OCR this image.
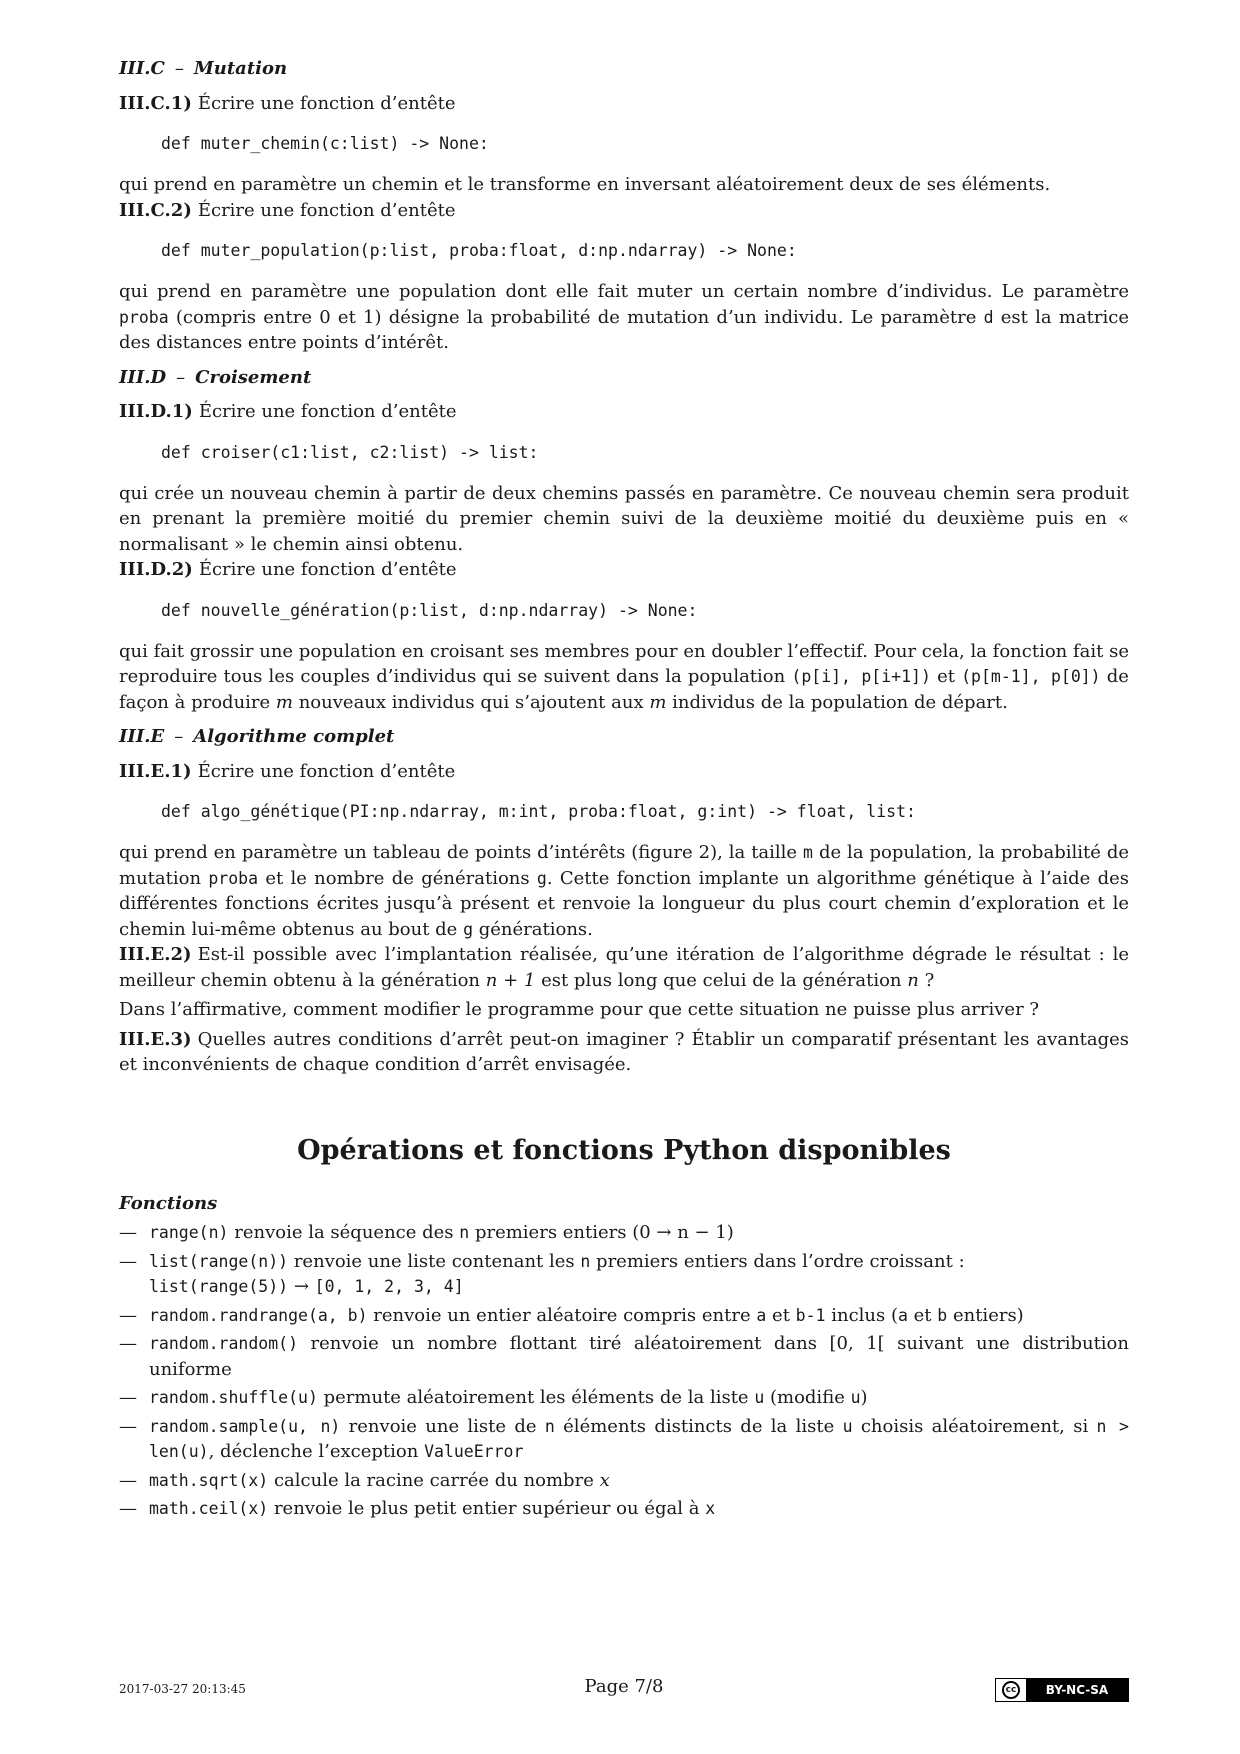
III.C – Mutation

III.C.1) Écrire une fonction d’entête

def muter_chemin(c:list) -> None:

qui prend en paramètre un chemin et le transforme en inversant aléatoirement deux de ses éléments.

III.C.2) Écrire une fonction d’entête

def muter_population(p:list, proba:float, d:np.ndarray) -> None:

qui prend en paramètre une population dont elle fait muter un certain nombre d’individus. Le paramètre proba (compris entre 0 et 1) désigne la probabilité de mutation d’un individu. Le paramètre d est la matrice des distances entre points d’intérêt.

III.D – Croisement

III.D.1) Écrire une fonction d’entête

def croiser(c1:list, c2:list) -> list:

qui crée un nouveau chemin à partir de deux chemins passés en paramètre. Ce nouveau chemin sera produit en prenant la première moitié du premier chemin suivi de la deuxième moitié du deuxième puis en « normalisant » le chemin ainsi obtenu.

III.D.2) Écrire une fonction d’entête

def nouvelle_génération(p:list, d:np.ndarray) -> None:

qui fait grossir une population en croisant ses membres pour en doubler l’effectif. Pour cela, la fonction fait se reproduire tous les couples d’individus qui se suivent dans la population (p[i], p[i+1]) et (p[m-1], p[0]) de façon à produire m nouveaux individus qui s’ajoutent aux m individus de la population de départ.

III.E – Algorithme complet

III.E.1) Écrire une fonction d’entête

def algo_génétique(PI:np.ndarray, m:int, proba:float, g:int) -> float, list:

qui prend en paramètre un tableau de points d’intérêts (figure 2), la taille m de la population, la probabilité de mutation proba et le nombre de générations g. Cette fonction implante un algorithme génétique à l’aide des différentes fonctions écrites jusqu’à présent et renvoie la longueur du plus court chemin d’exploration et le chemin lui-même obtenus au bout de g générations.

III.E.2) Est-il possible avec l’implantation réalisée, qu’une itération de l’algorithme dégrade le résultat : le meilleur chemin obtenu à la génération n + 1 est plus long que celui de la génération n ?

Dans l’affirmative, comment modifier le programme pour que cette situation ne puisse plus arriver ?

III.E.3) Quelles autres conditions d’arrêt peut-on imaginer ? Établir un comparatif présentant les avantages et inconvénients de chaque condition d’arrêt envisagée.

Opérations et fonctions Python disponibles

Fonctions

— range(n) renvoie la séquence des n premiers entiers (0 → n − 1)
— list(range(n)) renvoie une liste contenant les n premiers entiers dans l’ordre croissant :
list(range(5)) → [0, 1, 2, 3, 4]
— random.randrange(a, b) renvoie un entier aléatoire compris entre a et b-1 inclus (a et b entiers)
— random.random() renvoie un nombre flottant tiré aléatoirement dans [0, 1[ suivant une distribution uniforme
— random.shuffle(u) permute aléatoirement les éléments de la liste u (modifie u)
— random.sample(u, n) renvoie une liste de n éléments distincts de la liste u choisis aléatoirement, si n > len(u), déclenche l’exception ValueError
— math.sqrt(x) calcule la racine carrée du nombre x
— math.ceil(x) renvoie le plus petit entier supérieur ou égal à x
2017-03-27 20:13:45	Page 7/8	cc	BY-NC-SA
